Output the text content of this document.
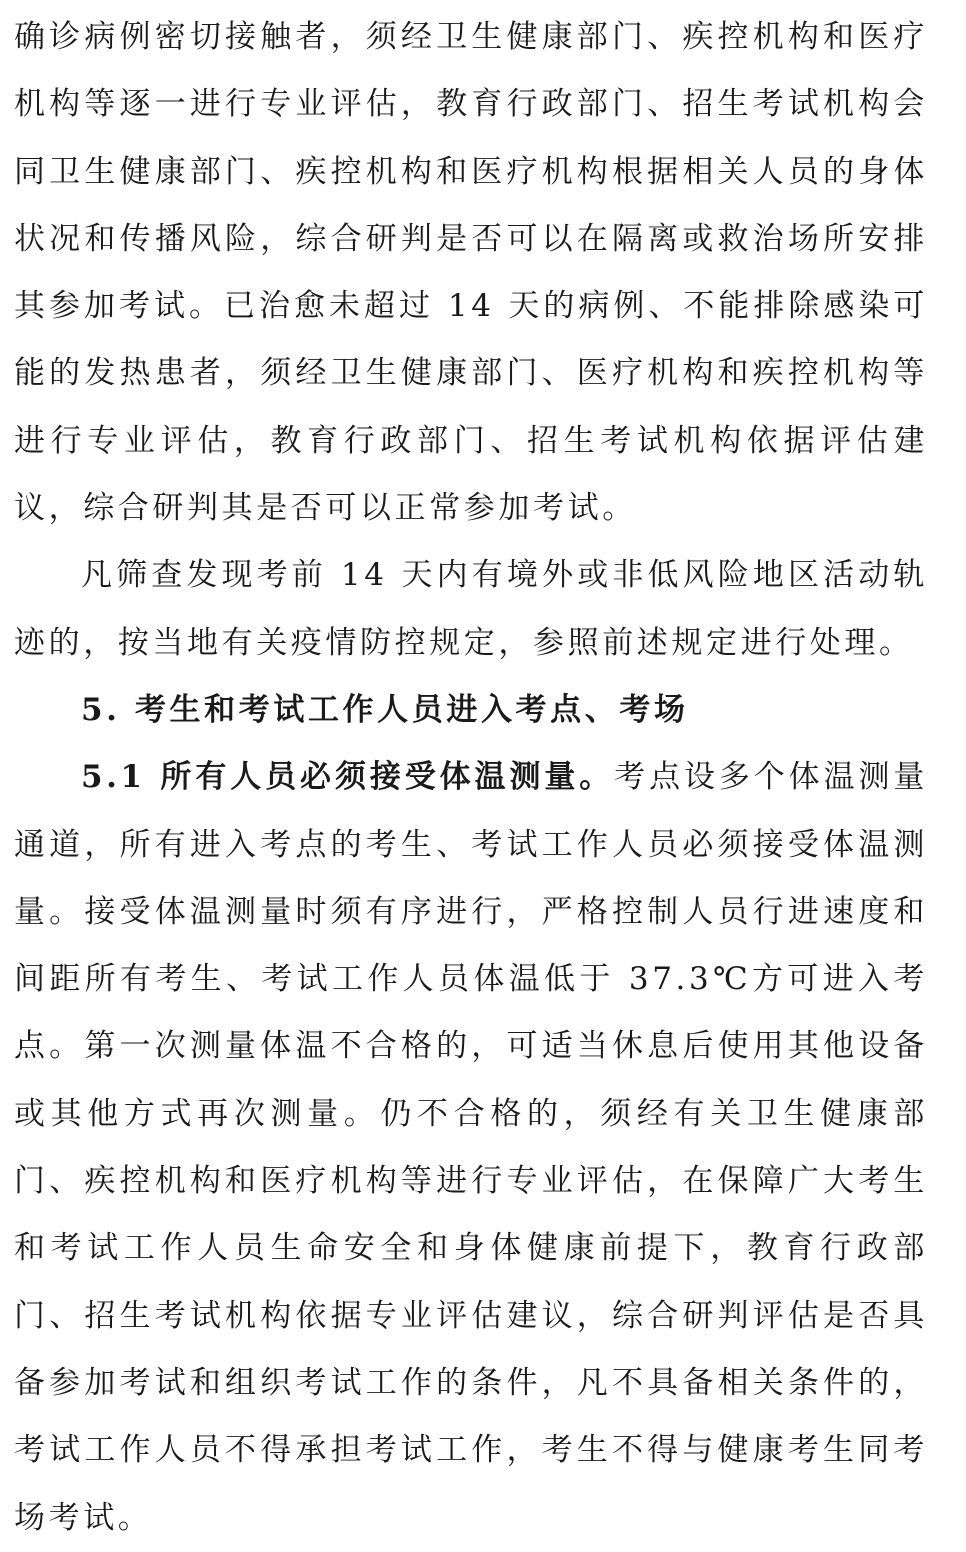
确诊病例密切接触者，须经卫生健康部门、疾控机构和医疗机构等逐一进行专业评估，教育行政部门、招生考试机构会同卫生健康部门、疾控机构和医疗机构根据相关人员的身体状况和传播风险，综合研判是否可以在隔离或救治场所安排其参加考试。已治愈未超过 14 天的病例、不能排除感染可能的发热患者，须经卫生健康部门、医疗机构和疾控机构等进行专业评估，教育行政部门、招生考试机构依据评估建议，综合研判其是否可以正常参加考试。

凡筛查发现考前 14 天内有境外或非低风险地区活动轨迹的，按当地有关疫情防控规定，参照前述规定进行处理。

5. 考生和考试工作人员进入考点、考场

5.1 所有人员必须接受体温测量。考点设多个体温测量通道，所有进入考点的考生、考试工作人员必须接受体温测量。接受体温测量时须有序进行，严格控制人员行进速度和间距所有考生、考试工作人员体温低于 37.3℃方可进入考点。第一次测量体温不合格的，可适当休息后使用其他设备或其他方式再次测量。仍不合格的，须经有关卫生健康部门、疾控机构和医疗机构等进行专业评估，在保障广大考生和考试工作人员生命安全和身体健康前提下，教育行政部门、招生考试机构依据专业评估建议，综合研判评估是否具备参加考试和组织考试工作的条件，凡不具备相关条件的，考试工作人员不得承担考试工作，考生不得与健康考生同考场考试。
